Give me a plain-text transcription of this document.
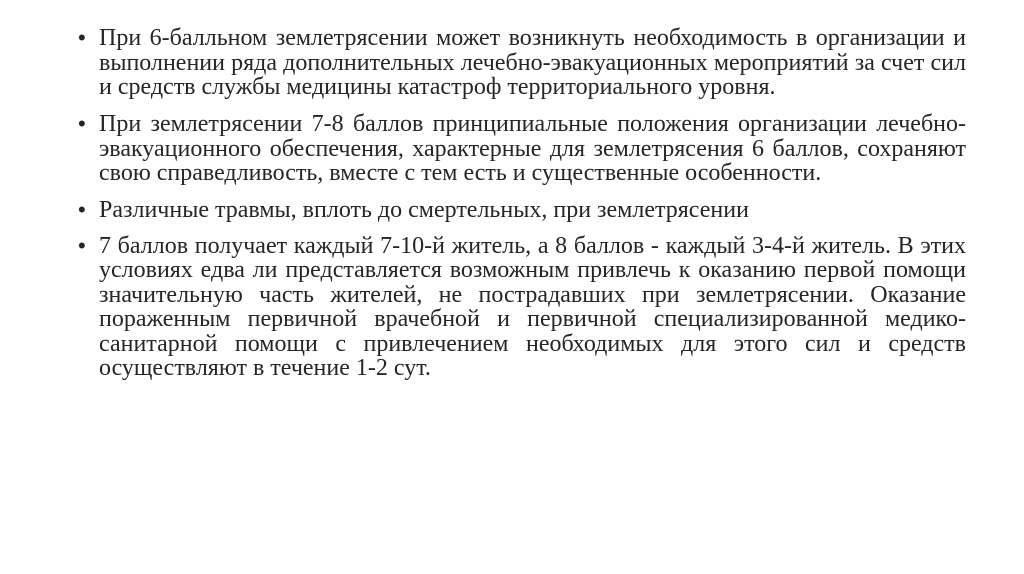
• При 6-балльном землетрясении может возникнуть необходимость в организации и выполнении ряда дополнительных лечебно-эвакуационных мероприятий за счет сил и средств службы медицины катастроф территориального уровня.
• При землетрясении 7-8 баллов принципиальные положения организации лечебно-эвакуационного обеспечения, характерные для землетрясения 6 баллов, сохраняют свою справедливость, вместе с тем есть и существенные особенности.
• Различные травмы, вплоть до смертельных, при землетрясении
• 7 баллов получает каждый 7-10-й житель, а 8 баллов - каждый 3-4-й житель. В этих условиях едва ли представляется возможным привлечь к оказанию первой помощи значительную часть жителей, не пострадавших при землетрясении. Оказание пораженным первичной врачебной и первичной специализированной медико-санитарной помощи с привлечением необходимых для этого сил и средств осуществляют в течение 1-2 сут.
